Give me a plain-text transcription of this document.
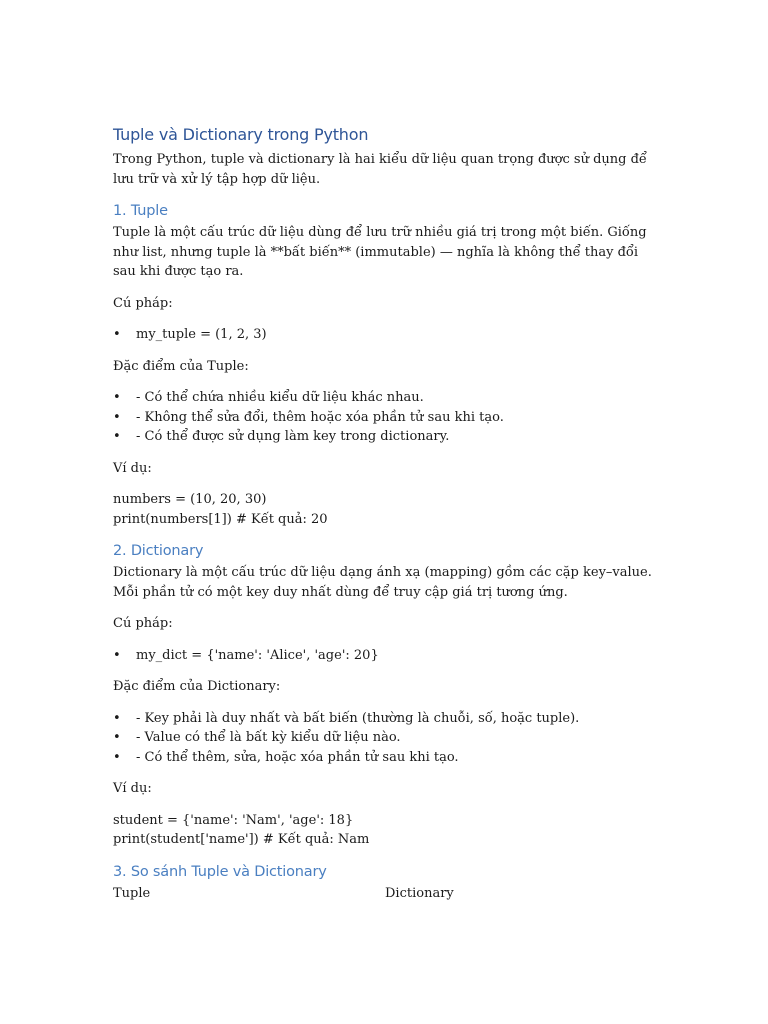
Tuple và Dictionary trong Python

Trong Python, tuple và dictionary là hai kiểu dữ liệu quan trọng được sử dụng để lưu trữ và xử lý tập hợp dữ liệu.

1. Tuple

Tuple là một cấu trúc dữ liệu dùng để lưu trữ nhiều giá trị trong một biến. Giống như list, nhưng tuple là **bất biến** (immutable) — nghĩa là không thể thay đổi sau khi được tạo ra.

Cú pháp:

• my_tuple = (1, 2, 3)

Đặc điểm của Tuple:

• - Có thể chứa nhiều kiểu dữ liệu khác nhau.
• - Không thể sửa đổi, thêm hoặc xóa phần tử sau khi tạo.
• - Có thể được sử dụng làm key trong dictionary.

Ví dụ:

numbers = (10, 20, 30)

print(numbers[1]) # Kết quả: 20

2. Dictionary

Dictionary là một cấu trúc dữ liệu dạng ánh xạ (mapping) gồm các cặp key–value. Mỗi phần tử có một key duy nhất dùng để truy cập giá trị tương ứng.

Cú pháp:

• my_dict = {'name': 'Alice', 'age': 20}

Đặc điểm của Dictionary:

• - Key phải là duy nhất và bất biến (thường là chuỗi, số, hoặc tuple).
• - Value có thể là bất kỳ kiểu dữ liệu nào.
• - Có thể thêm, sửa, hoặc xóa phần tử sau khi tạo.

Ví dụ:

student = {'name': 'Nam', 'age': 18}

print(student['name']) # Kết quả: Nam

3. So sánh Tuple và Dictionary
Tuple	Dictionary
